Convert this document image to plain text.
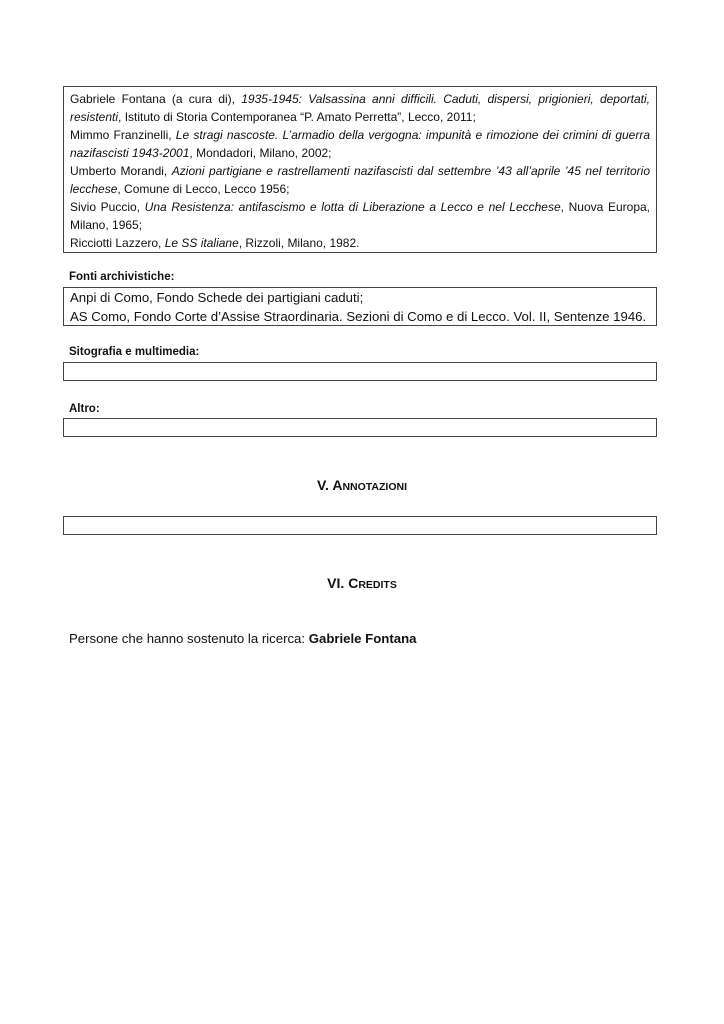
Gabriele Fontana (a cura di), 1935-1945: Valsassina anni difficili. Caduti, dispersi, prigionieri, deportati, resistenti, Istituto di Storia Contemporanea “P. Amato Perretta”, Lecco, 2011;

Mimmo Franzinelli, Le stragi nascoste. L’armadio della vergogna: impunità e rimozione dei crimini di guerra nazifascisti 1943-2001, Mondadori, Milano, 2002;

Umberto Morandi, Azioni partigiane e rastrellamenti nazifascisti dal settembre ’43 all’aprile ’45 nel territorio lecchese, Comune di Lecco, Lecco 1956;

Sivio Puccio, Una Resistenza: antifascismo e lotta di Liberazione a Lecco e nel Lecchese, Nuova Europa, Milano, 1965;

Ricciotti Lazzero, Le SS italiane, Rizzoli, Milano, 1982.

Fonti archivistiche:
Anpi di Como, Fondo Schede dei partigiani caduti;
AS Como, Fondo Corte d’Assise Straordinaria. Sezioni di Como e di Lecco. Vol. II, Sentenze 1946.
Sitografia e multimedia:
Altro:
V. ANNOTAZIONI
VI. CREDITS
Persone che hanno sostenuto la ricerca: Gabriele Fontana
